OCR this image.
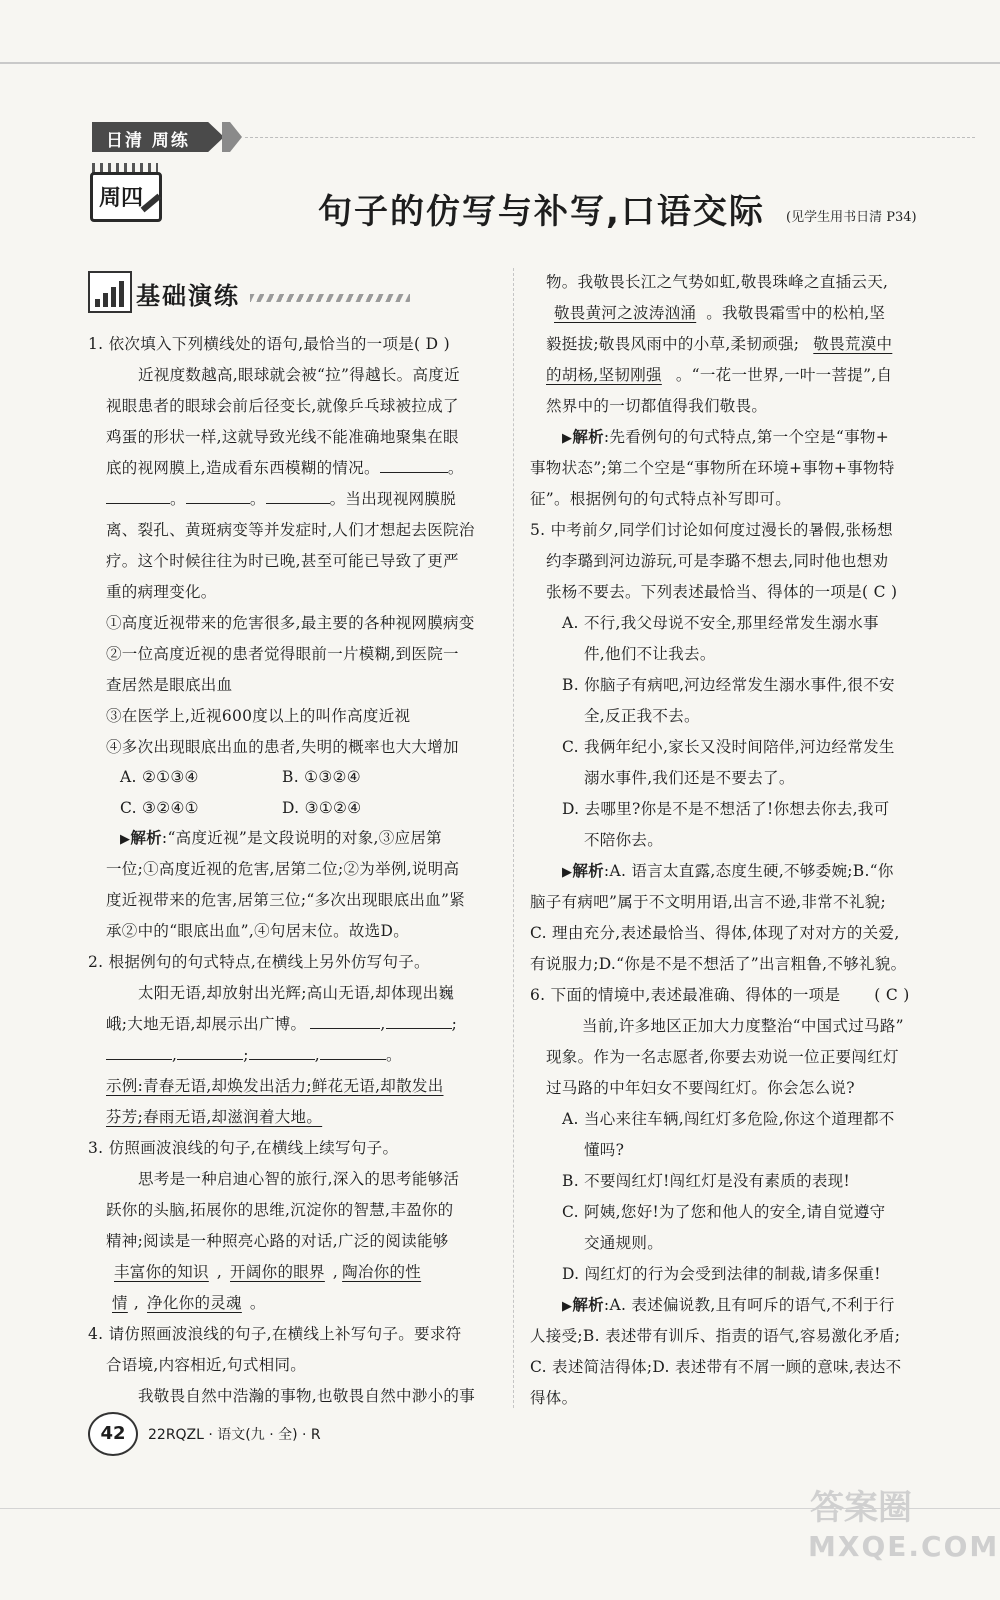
日清 周练
周四	句子的仿写与补写,口语交际 (见学生用书日清 P34)
基础演练
1. 依次填入下列横线处的语句,最恰当的一项是( D )
近视度数越高,眼球就会被“拉”得越长。高度近
视眼患者的眼球会前后径变长,就像乒乓球被拉成了
鸡蛋的形状一样,这就导致光线不能准确地聚集在眼
底的视网膜上,造成看东西模糊的情况。	。
。	。	。当出现视网膜脱
离、裂孔、黄斑病变等并发症时,人们才想起去医院治
疗。这个时候往往为时已晚,甚至可能已导致了更严
重的病理变化。
①高度近视带来的危害很多,最主要的各种视网膜病变
②一位高度近视的患者觉得眼前一片模糊,到医院一
查居然是眼底出血
③在医学上,近视600度以上的叫作高度近视
④多次出现眼底出血的患者,失明的概率也大大增加
A. ②①③④	B. ①③②④
C. ③②④①	D. ③①②④
▶解析:“高度近视”是文段说明的对象,③应居第
一位;①高度近视的危害,居第二位;②为举例,说明高
度近视带来的危害,居第三位;“多次出现眼底出血”紧
承②中的“眼底出血”,④句居末位。故选D。
2. 根据例句的句式特点,在横线上另外仿写句子。
太阳无语,却放射出光辉;高山无语,却体现出巍
峨;大地无语,却展示出广博。	,	;
,	;	,	。
示例:青春无语,却焕发出活力;鲜花无语,却散发出
芬芳;春雨无语,却滋润着大地。
3. 仿照画波浪线的句子,在横线上续写句子。
思考是一种启迪心智的旅行,深入的思考能够活
跃你的头脑,拓展你的思维,沉淀你的智慧,丰盈你的
精神;阅读是一种照亮心路的对话,广泛的阅读能够
丰富你的知识 , 开阔你的眼界 , 陶冶你的性
情 , 净化你的灵魂 。
4. 请仿照画波浪线的句子,在横线上补写句子。要求符
合语境,内容相近,句式相同。
我敬畏自然中浩瀚的事物,也敬畏自然中渺小的事
物。我敬畏长江之气势如虹,敬畏珠峰之直插云天,
敬畏黄河之波涛汹涌 。我敬畏霜雪中的松柏,坚
毅挺拔;敬畏风雨中的小草,柔韧顽强; 敬畏荒漠中
的胡杨,坚韧刚强 。“一花一世界,一叶一菩提”,自
然界中的一切都值得我们敬畏。
▶解析:先看例句的句式特点,第一个空是“事物+
事物状态”;第二个空是“事物所在环境+事物+事物特
征”。根据例句的句式特点补写即可。
5. 中考前夕,同学们讨论如何度过漫长的暑假,张杨想
约李璐到河边游玩,可是李璐不想去,同时他也想劝
张杨不要去。下列表述最恰当、得体的一项是( C )
A. 不行,我父母说不安全,那里经常发生溺水事
件,他们不让我去。
B. 你脑子有病吧,河边经常发生溺水事件,很不安
全,反正我不去。
C. 我俩年纪小,家长又没时间陪伴,河边经常发生
溺水事件,我们还是不要去了。
D. 去哪里?你是不是不想活了!你想去你去,我可
不陪你去。
▶解析:A. 语言太直露,态度生硬,不够委婉;B.“你
脑子有病吧”属于不文明用语,出言不逊,非常不礼貌;
C. 理由充分,表述最恰当、得体,体现了对对方的关爱,
有说服力;D.“你是不是不想活了”出言粗鲁,不够礼貌。
6. 下面的情境中,表述最准确、得体的一项是 ( C )
当前,许多地区正加大力度整治“中国式过马路”
现象。作为一名志愿者,你要去劝说一位正要闯红灯
过马路的中年妇女不要闯红灯。你会怎么说?
A. 当心来往车辆,闯红灯多危险,你这个道理都不
懂吗?
B. 不要闯红灯!闯红灯是没有素质的表现!
C. 阿姨,您好!为了您和他人的安全,请自觉遵守
交通规则。
D. 闯红灯的行为会受到法律的制裁,请多保重!
▶解析:A. 表述偏说教,且有呵斥的语气,不利于行
人接受;B. 表述带有训斥、指责的语气,容易激化矛盾;
C. 表述简洁得体;D. 表述带有不屑一顾的意味,表达不
得体。
42	22RQZL · 语文(九 · 全) · R
答案圈
MXQE.COM
